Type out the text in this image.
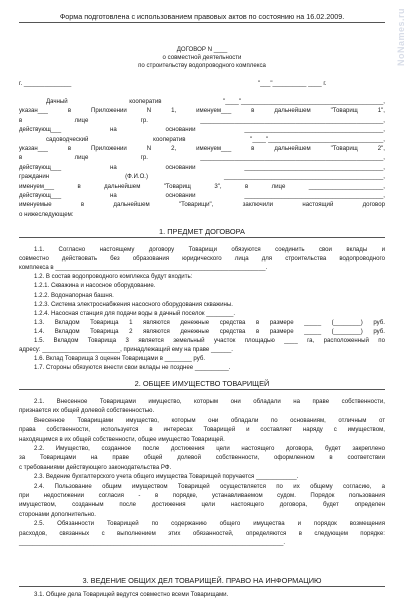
Форма подготовлена с использованием правовых актов по состоянию на 16.02.2009.	NoNames.ru
ДОГОВОР N ____
о совместной деятельности
по строительству водопроводного комплекса
г. ______________	"___"__________ ____ г.
Дачный кооператив "____"__________________________________________,
указан___ в Приложении N 1, именуем___ в дальнейшем "Товарищ 1",
в лице гр. ______________________________________________________,
действующ___ на основании _________________________________________,
садоводческий кооператив "____"__________________________________,
указан___ в Приложении N 2, именуем___ в дальнейшем "Товарищ 2",
в лице гр. ______________________________________________________,
действующ___ на основании _________________________________________,
гражданин (Ф.И.О.) _______________________________________________,
именуем___ в дальнейшем "Товарищ 3", в лице ______________________,
действующ___ на основании _________________________________________,
именуемые в дальнейшем "Товарищи", заключили настоящий договор
о нижеследующем:
1. ПРЕДМЕТ ДОГОВОРА
1.1. Согласно настоящему договору Товарищи обязуются соединить свои вклады и
совместно действовать без образования юридического лица для строительства водопроводного
комплекса в ______________________________________________________________.
1.2. В состав водопроводного комплекса будут входить:
1.2.1. Скважина и насосное оборудование.
1.2.2. Водонапорная башня.
1.2.3. Система электроснабжения насосного оборудования скважины.
1.2.4. Насосная станция для подачи воды в дачный поселок ________.
1.3. Вкладом Товарища 1 являются денежные средства в размере _____ (________) руб.
1.4. Вкладом Товарища 2 являются денежные средства в размере _____ (________) руб.
1.5. Вкладом Товарища 3 является земельный участок площадью ____ га, расположенный по
адресу: _______________________, принадлежащий ему на праве ______.
1.6. Вклад Товарища 3 оценен Товарищами в ________ руб.
1.7. Стороны обязуются внести свои вклады не позднее __________.
2. ОБЩЕЕ ИМУЩЕСТВО ТОВАРИЩЕЙ
2.1. Внесенное Товарищами имущество, которым они обладали на праве собственности,
признается их общей долевой собственностью.
Внесенное Товарищами имущество, которым они обладали по основаниям, отличным от
права собственности, используется в интересах Товарищей и составляет наряду с имуществом,
находящимся в их общей собственности, общее имущество Товарищей.
2.2. Имущество, созданное после достижения цели настоящего договора, будет закреплено
за Товарищами на праве общей долевой собственности, оформленном в соответствии
с требованиями действующего законодательства РФ.
2.3. Ведение бухгалтерского учета общего имущества Товарищей поручается ____________.
2.4. Пользование общим имуществом Товарищей осуществляется по их общему согласию, а
при недостижении согласия - в порядке, устанавливаемом судом. Порядок пользования
имуществом, созданным после достижения цели настоящего договора, будет определен
сторонами дополнительно.
2.5. Обязанности Товарищей по содержанию общего имущества и порядок возмещения
расходов, связанных с выполнением этих обязанностей, определяются в следующем порядке:
______________________________________________________________________________.
3. ВЕДЕНИЕ ОБЩИХ ДЕЛ ТОВАРИЩЕЙ. ПРАВО НА ИНФОРМАЦИЮ
3.1. Общие дела Товарищей ведутся совместно всеми Товарищами.
